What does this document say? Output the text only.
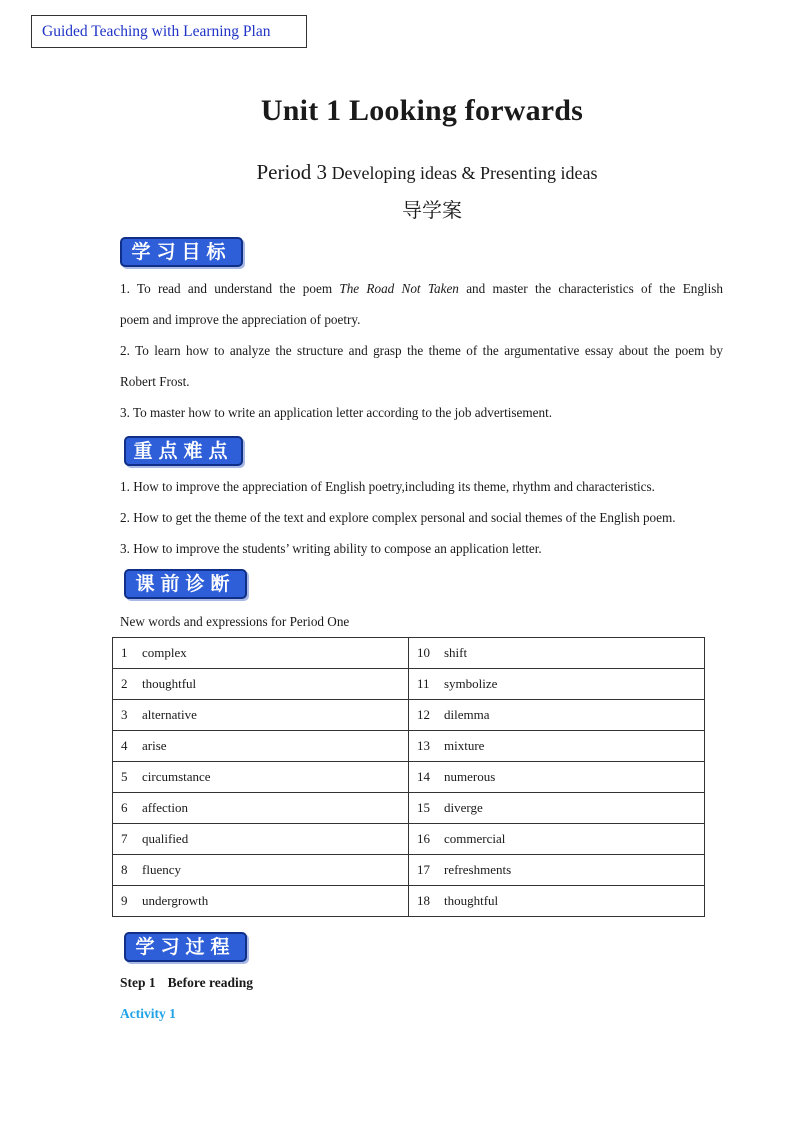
Guided Teaching with Learning Plan
Unit 1 Looking forwards
Period 3 Developing ideas & Presenting ideas
导学案
学习目标
1. To read and understand the poem The Road Not Taken and master the characteristics of the English
poem and improve the appreciation of poetry.
2. To learn how to analyze the structure and grasp the theme of the argumentative essay about the poem by
Robert Frost.
3. To master how to write an application letter according to the job advertisement.
重点难点
1. How to improve the appreciation of English poetry,including its theme, rhythm and characteristics.
2. How to get the theme of the text and explore complex personal and social themes of the English poem.
3. How to improve the students’ writing ability to compose an application letter.
课前诊断
New words and expressions for Period One
1 complex	10 shift
2 thoughtful	11 symbolize
3 alternative	12 dilemma
4 arise	13 mixture
5 circumstance	14 numerous
6 affection	15 diverge
7 qualified	16 commercial
8 fluency	17 refreshments
9 undergrowth	18 thoughtful
学习过程
Step 1 Before reading
Activity 1
